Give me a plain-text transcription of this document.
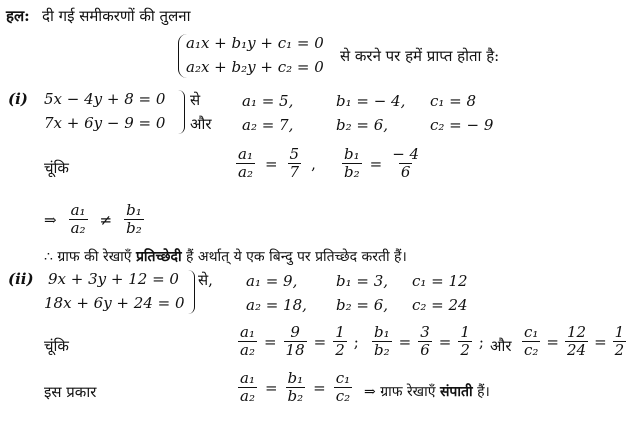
हल: दी गई समीकरणों की तुलना
a₁x + b₁y + c₁ = 0
a₂x + b₂y + c₂ = 0
से करने पर हमें प्राप्त होता है:
(i) 5x − 4y + 8 = 0
7x + 6y − 9 = 0
से
और
a₁ = 5,	b₁ = − 4, c₁ = 8
a₂ = 7,	b₂ = 6,	c₂ = − 9
चूंकि	$\frac{\text{a₁}}{\text{a₂}} = \frac{5}{7}$ , $\frac{\text{b₁}}{\text{b₂}} = \frac{- 4}{6}$
⇒ $\frac{\text{a₁}}{\text{a₂}} \ne \frac{\text{b₁}}{\text{b₂}}$
∴ ग्राफ की रेखाएँ प्रतिच्छेदी हैं अर्थात् ये एक बिन्दु पर प्रतिच्छेद करती हैं।
(ii) 9x + 3y + 12 = 0
18x + 6y + 24 = 0
से, a₁ = 9,	b₁ = 3, c₁ = 12
a₂ = 18, b₂ = 6, c₂ = 24
चूंकि	$\frac{\text{a₁}}{\text{a₂}} = \frac{9}{18} = \frac{1}{2}$ ; $\frac{\text{b₁}}{\text{b₂}} = \frac{3}{6} = \frac{1}{2}$ ; और $\frac{\text{c₁}}{\text{c₂}} = \frac{12}{24} = \frac{1}{2}$
इस प्रकार	$\frac{\text{a₁}}{\text{a₂}} = \frac{\text{b₁}}{\text{b₂}} = \frac{\text{c₁}}{\text{c₂}}$ ⇒ ग्राफ रेखाएँ संपाती हैं।
